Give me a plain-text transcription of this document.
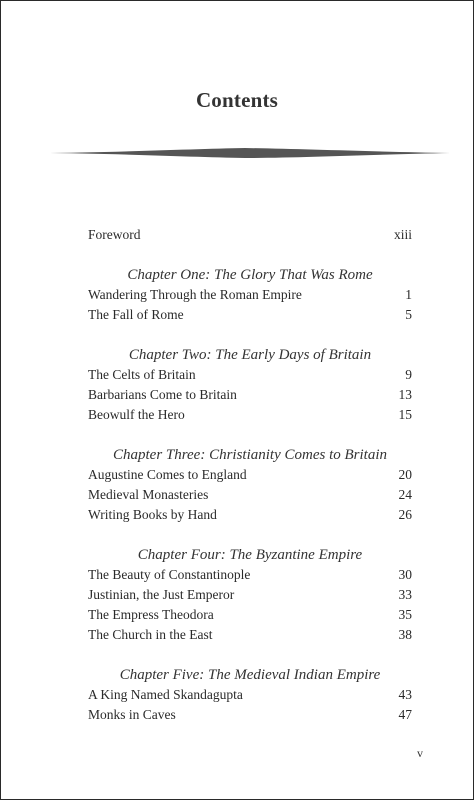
Contents
Foreword	xiii
Chapter One: The Glory That Was Rome
Wandering Through the Roman Empire	1
The Fall of Rome	5
Chapter Two: The Early Days of Britain
The Celts of Britain	9
Barbarians Come to Britain	13
Beowulf the Hero	15
Chapter Three: Christianity Comes to Britain
Augustine Comes to England	20
Medieval Monasteries	24
Writing Books by Hand	26
Chapter Four: The Byzantine Empire
The Beauty of Constantinople	30
Justinian, the Just Emperor	33
The Empress Theodora	35
The Church in the East	38
Chapter Five: The Medieval Indian Empire
A King Named Skandagupta	43
Monks in Caves	47
v
